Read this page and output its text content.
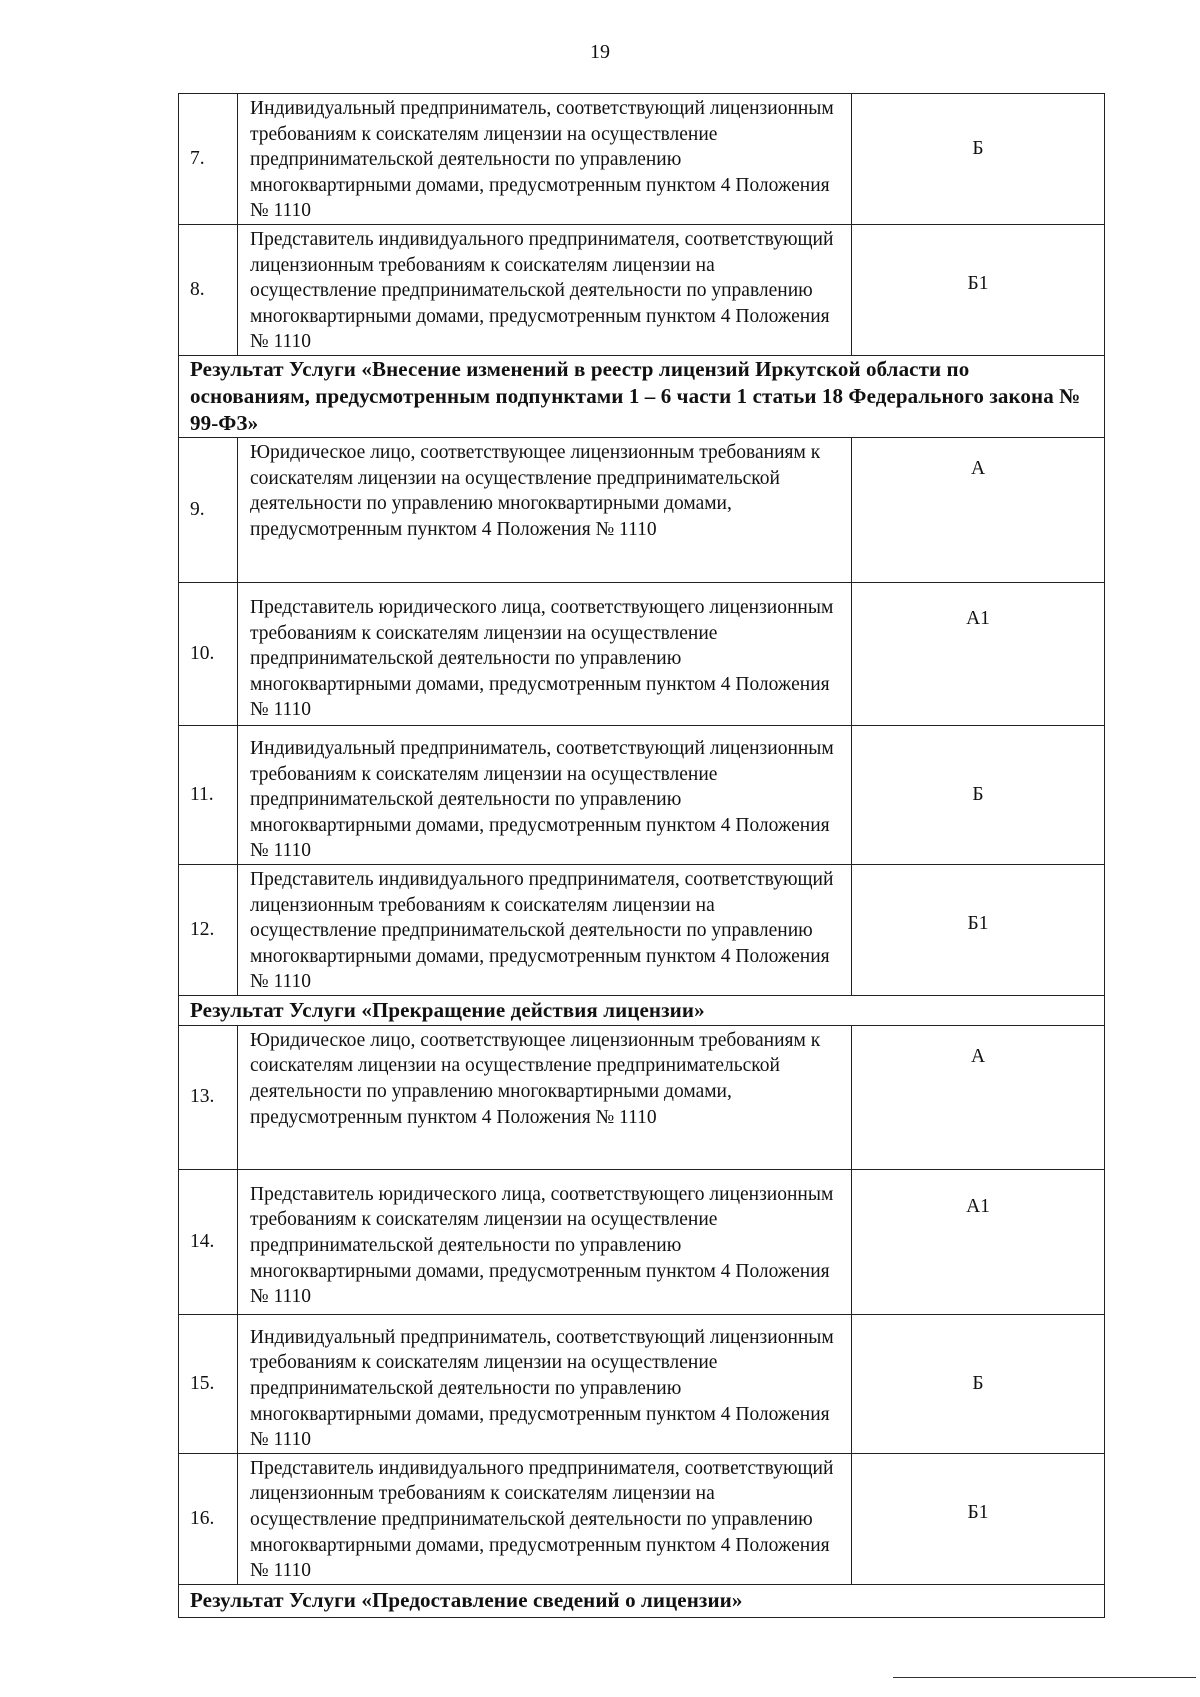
19
7.	Индивидуальный предприниматель, соответствующий лицензионным требованиям к соискателям лицензии на осуществление предпринимательской деятельности по управлению многоквартирными домами, предусмотренным пунктом 4 Положения № 1110	Б

8.	Представитель индивидуального предпринимателя, соответствующий лицензионным требованиям к соискателям лицензии на осуществление предпринимательской деятельности по управлению многоквартирными домами, предусмотренным пунктом 4 Положения № 1110	Б1

Результат Услуги «Внесение изменений в реестр лицензий Иркутской области по основаниям, предусмотренным подпунктами 1 – 6 части 1 статьи 18 Федерального закона № 99-ФЗ»		
9.	Юридическое лицо, соответствующее лицензионным требованиям к соискателям лицензии на осуществление предпринимательской деятельности по управлению многоквартирными домами, предусмотренным пунктом 4 Положения № 1110	А

10.	Представитель юридического лица, соответствующего лицензионным требованиям к соискателям лицензии на осуществление предпринимательской деятельности по управлению многоквартирными домами, предусмотренным пунктом 4 Положения № 1110	А1

11.	Индивидуальный предприниматель, соответствующий лицензионным требованиям к соискателям лицензии на осуществление предпринимательской деятельности по управлению многоквартирными домами, предусмотренным пунктом 4 Положения № 1110	Б

12.	Представитель индивидуального предпринимателя, соответствующий лицензионным требованиям к соискателям лицензии на осуществление предпринимательской деятельности по управлению многоквартирными домами, предусмотренным пунктом 4 Положения № 1110	Б1

Результат Услуги «Прекращение действия лицензии»		
13.	Юридическое лицо, соответствующее лицензионным требованиям к соискателям лицензии на осуществление предпринимательской деятельности по управлению многоквартирными домами, предусмотренным пунктом 4 Положения № 1110	А

14.	Представитель юридического лица, соответствующего лицензионным требованиям к соискателям лицензии на осуществление предпринимательской деятельности по управлению многоквартирными домами, предусмотренным пунктом 4 Положения № 1110	А1

15.	Индивидуальный предприниматель, соответствующий лицензионным требованиям к соискателям лицензии на осуществление предпринимательской деятельности по управлению многоквартирными домами, предусмотренным пунктом 4 Положения № 1110	Б

16.	Представитель индивидуального предпринимателя, соответствующий лицензионным требованиям к соискателям лицензии на осуществление предпринимательской деятельности по управлению многоквартирными домами, предусмотренным пунктом 4 Положения № 1110	Б1

Результат Услуги «Предоставление сведений о лицензии»		
